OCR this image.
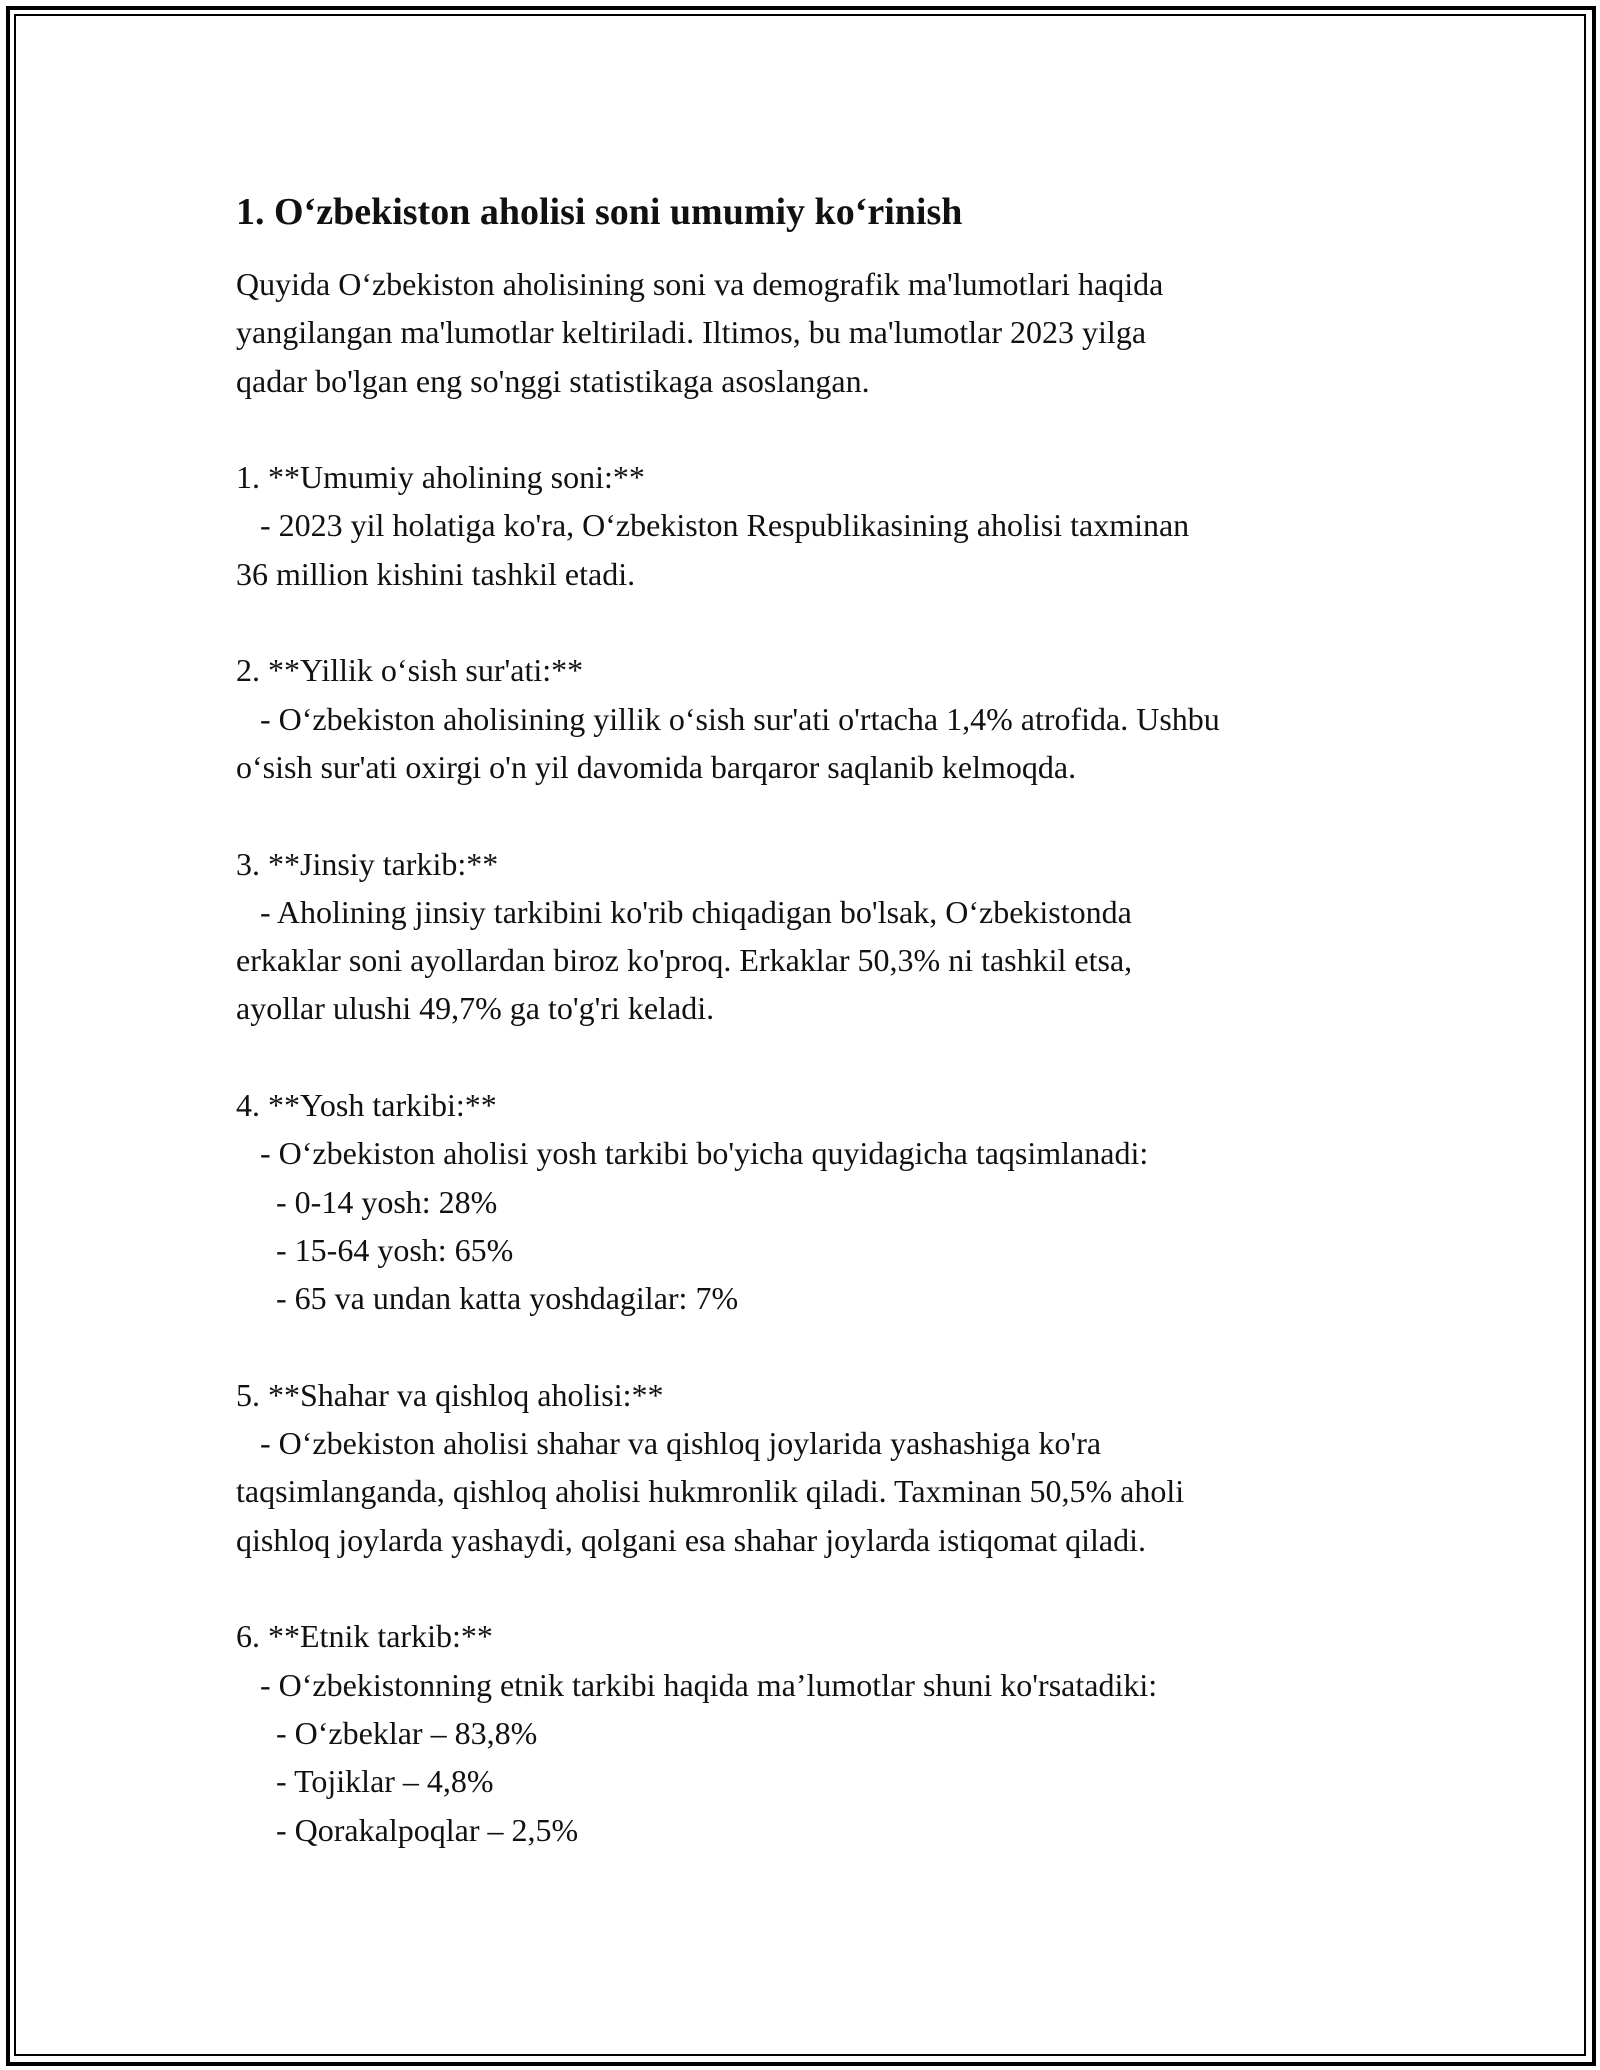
1. O‘zbekiston aholisi soni umumiy ko‘rinish
Quyida O‘zbekiston aholisining soni va demografik ma'lumotlari haqida
yangilangan ma'lumotlar keltiriladi. Iltimos, bu ma'lumotlar 2023 yilga
qadar bo'lgan eng so'nggi statistikaga asoslangan.
1. **Umumiy aholining soni:**
- 2023 yil holatiga ko'ra, O‘zbekiston Respublikasining aholisi taxminan
36 million kishini tashkil etadi.
2. **Yillik o‘sish sur'ati:**
- O‘zbekiston aholisining yillik o‘sish sur'ati o'rtacha 1,4% atrofida. Ushbu
o‘sish sur'ati oxirgi o'n yil davomida barqaror saqlanib kelmoqda.
3. **Jinsiy tarkib:**
- Aholining jinsiy tarkibini ko'rib chiqadigan bo'lsak, O‘zbekistonda
erkaklar soni ayollardan biroz ko'proq. Erkaklar 50,3% ni tashkil etsa,
ayollar ulushi 49,7% ga to'g'ri keladi.
4. **Yosh tarkibi:**
- O‘zbekiston aholisi yosh tarkibi bo'yicha quyidagicha taqsimlanadi:
- 0-14 yosh: 28%
- 15-64 yosh: 65%
- 65 va undan katta yoshdagilar: 7%
5. **Shahar va qishloq aholisi:**
- O‘zbekiston aholisi shahar va qishloq joylarida yashashiga ko'ra
taqsimlanganda, qishloq aholisi hukmronlik qiladi. Taxminan 50,5% aholi
qishloq joylarda yashaydi, qolgani esa shahar joylarda istiqomat qiladi.
6. **Etnik tarkib:**
- O‘zbekistonning etnik tarkibi haqida ma’lumotlar shuni ko'rsatadiki:
- O‘zbeklar – 83,8%
- Tojiklar – 4,8%
- Qorakalpoqlar – 2,5%
